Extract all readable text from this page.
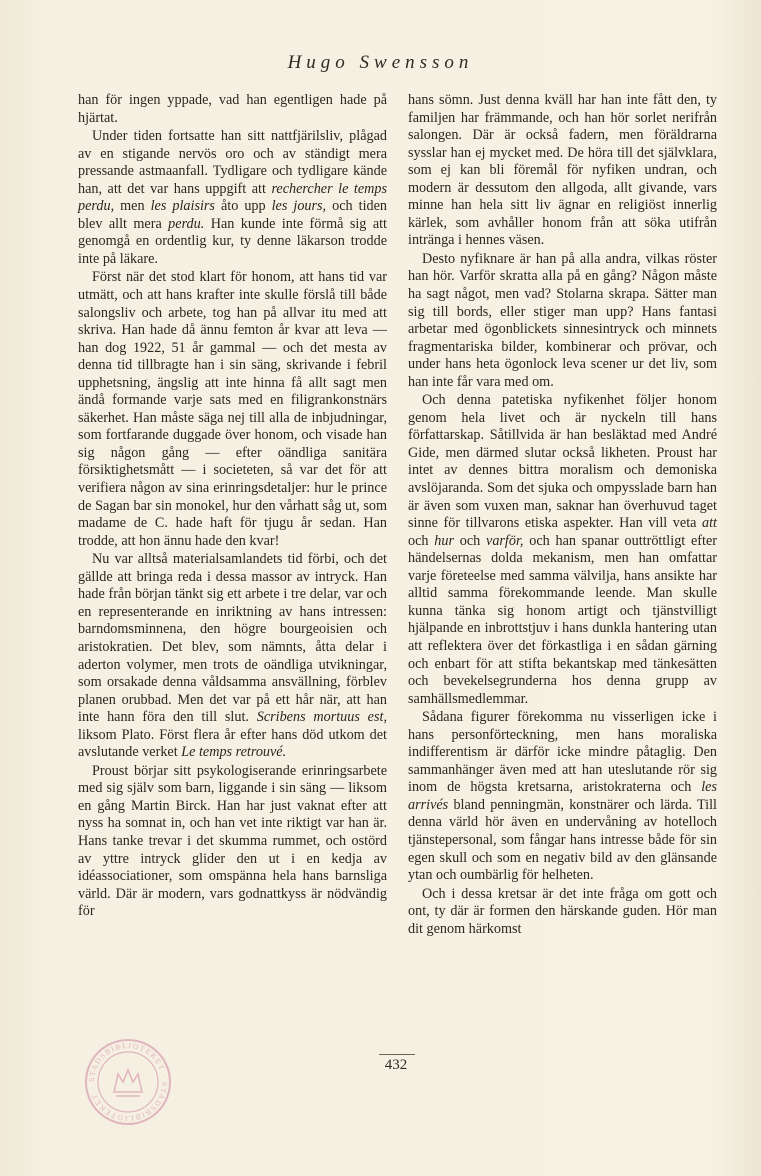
Hugo Swensson

han för ingen yppade, vad han egentligen hade på hjärtat.

Under tiden fortsatte han sitt nattfjärilsliv, plågad av en stigande nervös oro och av ständigt mera pressande astmaanfall. Tydligare och tydligare kände han, att det var hans uppgift att rechercher le temps perdu, men les plaisirs åto upp les jours, och tiden blev allt mera perdu. Han kunde inte förmå sig att genomgå en ordentlig kur, ty denne läkarson trodde inte på läkare.

Först när det stod klart för honom, att hans tid var utmätt, och att hans krafter inte skulle förslå till både salongsliv och arbete, tog han på allvar itu med att skriva. Han hade då ännu femton år kvar att leva — han dog 1922, 51 år gammal — och det mesta av denna tid tillbragte han i sin säng, skrivande i febril upphetsning, ängslig att inte hinna få allt sagt men ändå formande varje sats med en filigrankonstnärs säkerhet. Han måste säga nej till alla de inbjudningar, som fortfarande duggade över honom, och visade han sig någon gång — efter oändliga sanitära försiktighetsmått — i societeten, så var det för att verifiera någon av sina erinringsdetaljer: hur le prince de Sagan bar sin monokel, hur den vårhatt såg ut, som madame de C. hade haft för tjugu år sedan. Han trodde, att hon ännu hade den kvar!

Nu var alltså materialsamlandets tid förbi, och det gällde att bringa reda i dessa massor av intryck. Han hade från början tänkt sig ett arbete i tre delar, var och en representerande en inriktning av hans intressen: barndomsminnena, den högre bourgeoisien och aristokratien. Det blev, som nämnts, åtta delar i aderton volymer, men trots de oändliga utvikningar, som orsakade denna våldsamma ansvällning, förblev planen orubbad. Men det var på ett hår när, att han inte hann föra den till slut. Scribens mortuus est, liksom Plato. Först flera år efter hans död utkom det avslutande verket Le temps retrouvé.

Proust börjar sitt psykologiserande erinringsarbete med sig själv som barn, liggande i sin säng — liksom en gång Martin Birck. Han har just vaknat efter att nyss ha somnat in, och han vet inte riktigt var han är. Hans tanke trevar i det skumma rummet, och ostörd av yttre intryck glider den ut i en kedja av idéassociationer, som omspänna hela hans barnsliga värld. Där är modern, vars godnattkyss är nödvändig för

hans sömn. Just denna kväll har han inte fått den, ty familjen har främmande, och han hör sorlet nerifrån salongen. Där är också fadern, men föräldrarna sysslar han ej mycket med. De höra till det självklara, som ej kan bli föremål för nyfiken undran, och modern är dessutom den allgoda, allt givande, vars minne han hela sitt liv ägnar en religiöst innerlig kärlek, som avhåller honom från att söka utifrån intränga i hennes väsen.

Desto nyfiknare är han på alla andra, vilkas röster han hör. Varför skratta alla på en gång? Någon måste ha sagt något, men vad? Stolarna skrapa. Sätter man sig till bords, eller stiger man upp? Hans fantasi arbetar med ögonblickets sinnesintryck och minnets fragmentariska bilder, kombinerar och prövar, och under hans heta ögonlock leva scener ur det liv, som han inte får vara med om.

Och denna patetiska nyfikenhet följer honom genom hela livet och är nyckeln till hans författarskap. Såtillvida är han besläktad med André Gide, men därmed slutar också likheten. Proust har intet av dennes bittra moralism och demoniska avslöjaranda. Som det sjuka och ompysslade barn han är även som vuxen man, saknar han överhuvud taget sinne för tillvarons etiska aspekter. Han vill veta att och hur och varför, och han spanar outtröttligt efter händelsernas dolda mekanism, men han omfattar varje företeelse med samma välvilja, hans ansikte har alltid samma förekommande leende. Man skulle kunna tänka sig honom artigt och tjänstvilligt hjälpande en inbrottstjuv i hans dunkla hantering utan att reflektera över det förkastliga i en sådan gärning och enbart för att stifta bekantskap med tänkesätten och bevekelsegrunderna hos denna grupp av samhällsmedlemmar.

Sådana figurer förekomma nu visserligen icke i hans personförteckning, men hans moraliska indifferentism är därför icke mindre påtaglig. Den sammanhänger även med att han uteslutande rör sig inom de högsta kretsarna, aristokraterna och les arrivés bland penningmän, konstnärer och lärda. Till denna värld hör även en undervåning av hotelloch tjänstepersonal, som fångar hans intresse både för sin egen skull och som en negativ bild av den glänsande ytan och oumbärlig för helheten.

Och i dessa kretsar är det inte fråga om gott och ont, ty där är formen den härskande guden. Hör man dit genom härkomst

432
STADSBIBLIOTEKET · STADSBIBLIOTEKET
